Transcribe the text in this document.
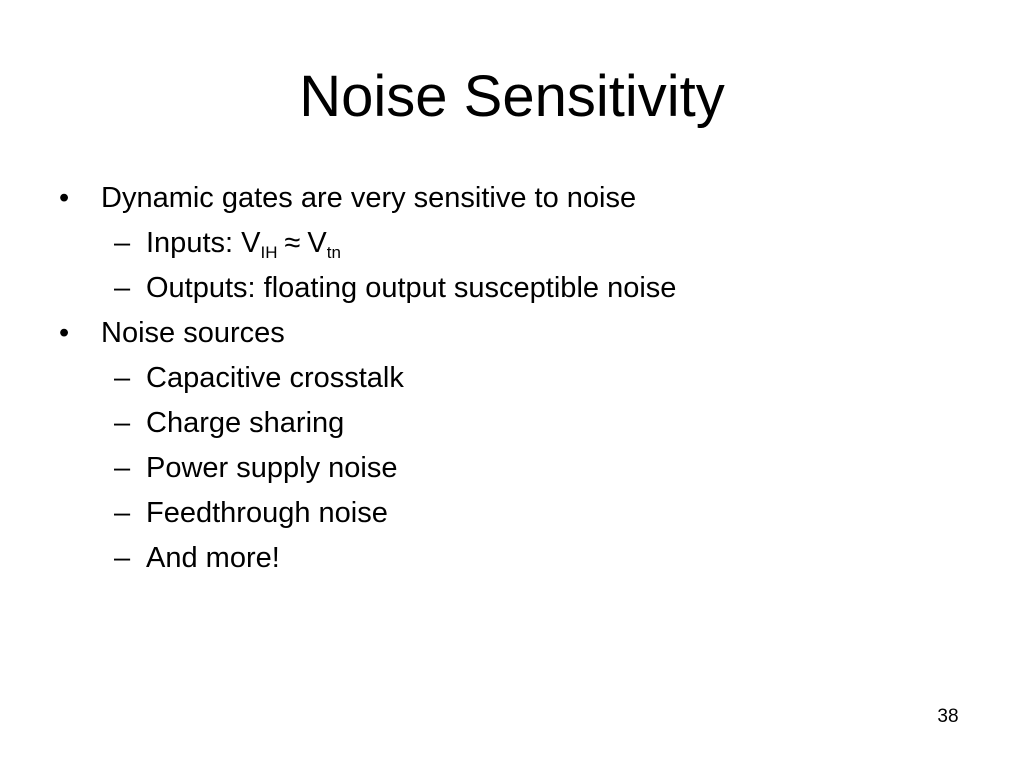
Noise Sensitivity
• Dynamic gates are very sensitive to noise
– Inputs: $V_{IH} \approx V_{tn}$
– Outputs: floating output susceptible noise
• Noise sources
– Capacitive crosstalk
– Charge sharing
– Power supply noise
– Feedthrough noise
– And more!
38
